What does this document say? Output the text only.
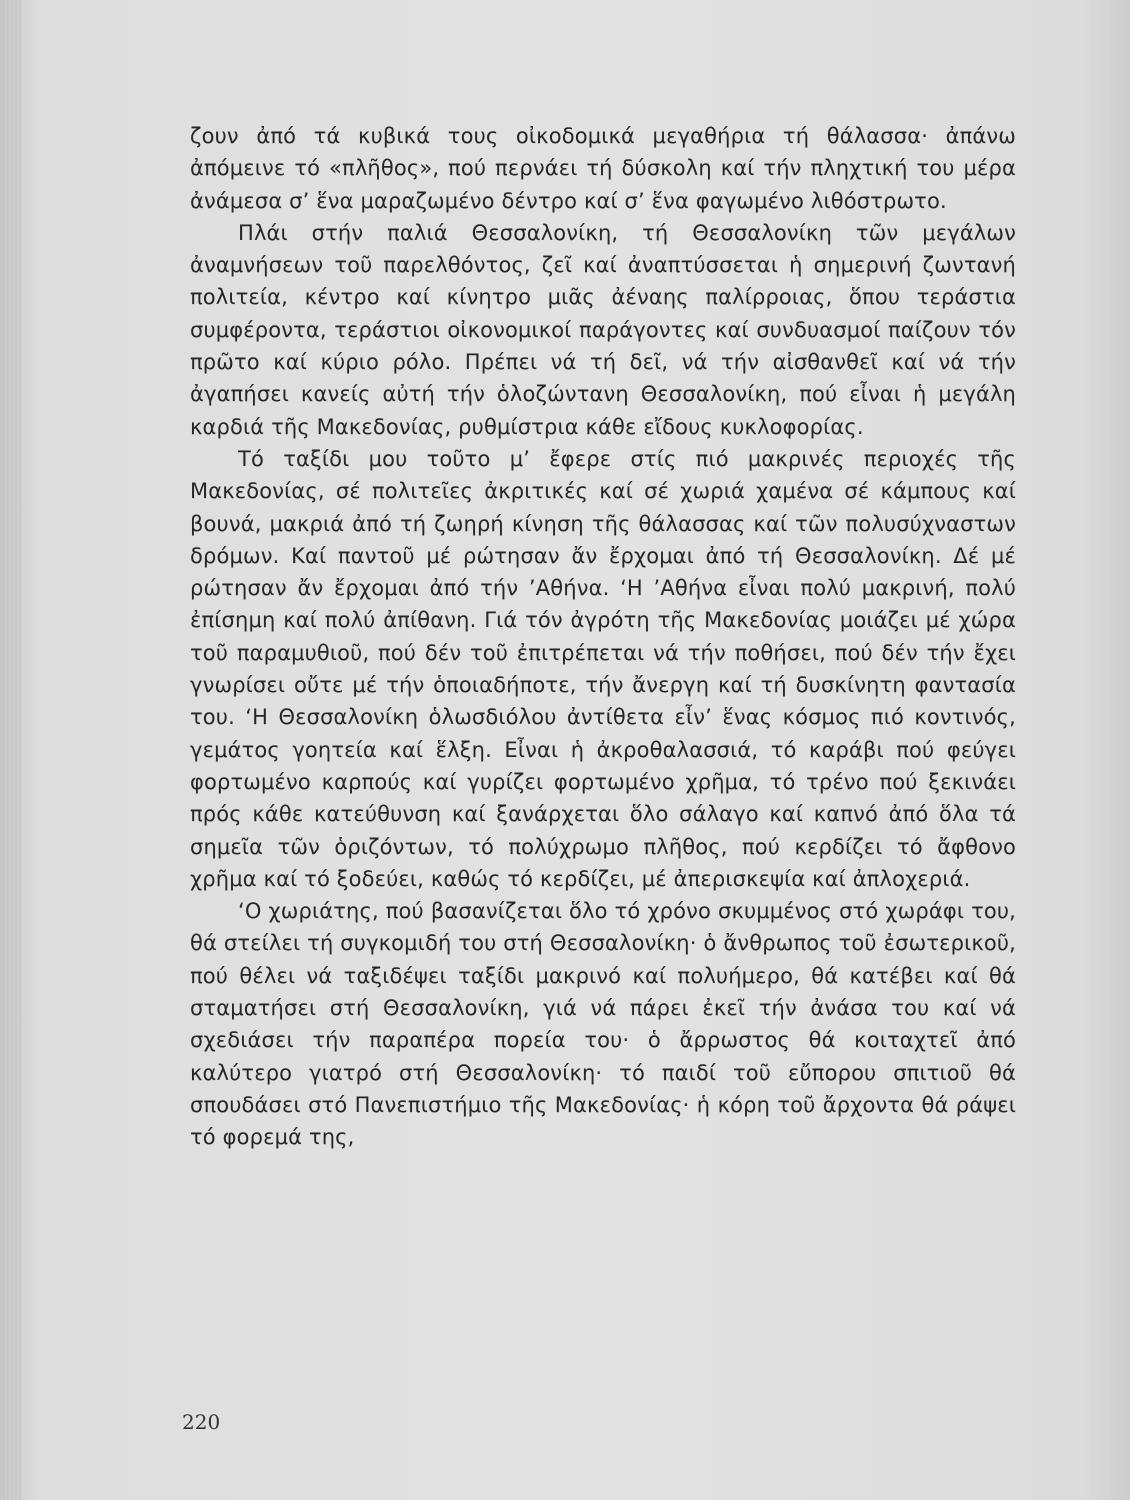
ζουν ἀπό τά κυβικά τους οἰκοδομικά μεγαθήρια τή θάλασσα· ἀπάνω ἀπόμεινε τό «πλῆθος», πού περνάει τή δύσκολη καί τήν πληχτική του μέρα ἀνάμεσα σ’ ἕνα μαραζωμένο δέντρο καί σ’ ἕνα φαγωμένο λιθόστρωτο.

Πλάι στήν παλιά Θεσσαλονίκη, τή Θεσσαλονίκη τῶν μεγάλων ἀναμνήσεων τοῦ παρελθόντος, ζεῖ καί ἀναπτύσσεται ἡ σημερινή ζωντανή πολιτεία, κέντρο καί κίνητρο μιᾶς ἀέναης παλίρροιας, ὅπου τεράστια συμφέροντα, τεράστιοι οἰκονομικοί παράγοντες καί συνδυασμοί παίζουν τόν πρῶτο καί κύριο ρόλο. Πρέπει νά τή δεῖ, νά τήν αἰσθανθεῖ καί νά τήν ἀγαπήσει κανείς αὐτή τήν ὁλοζώντανη Θεσσαλονίκη, πού εἶναι ἡ μεγάλη καρδιά τῆς Μακεδονίας, ρυθμίστρια κάθε εἴδους κυκλοφορίας.

Τό ταξίδι μου τοῦτο μ’ ἔφερε στίς πιό μακρινές περιοχές τῆς Μακεδονίας, σέ πολιτεῖες ἀκριτικές καί σέ χωριά χαμένα σέ κάμπους καί βουνά, μακριά ἀπό τή ζωηρή κίνηση τῆς θάλασσας καί τῶν πολυσύχναστων δρόμων. Καί παντοῦ μέ ρώτησαν ἄν ἔρχομαι ἀπό τή Θεσσαλονίκη. Δέ μέ ρώτησαν ἄν ἔρχομαι ἀπό τήν ’Αθήνα. ‘Η ’Αθήνα εἶναι πολύ μακρινή, πολύ ἐπίσημη καί πολύ ἀπίθανη. Γιά τόν ἀγρότη τῆς Μακεδονίας μοιάζει μέ χώρα τοῦ παραμυθιοῦ, πού δέν τοῦ ἐπιτρέπεται νά τήν ποθήσει, πού δέν τήν ἔχει γνωρίσει οὔτε μέ τήν ὁποιαδήποτε, τήν ἄνεργη καί τή δυσκίνητη φαντασία του. ‘Η Θεσσαλονίκη ὁλωσδιόλου ἀντίθετα εἶν’ ἕνας κόσμος πιό κοντινός, γεμάτος γοητεία καί ἕλξη. Εἶναι ἡ ἀκροθαλασσιά, τό καράβι πού φεύγει φορτωμένο καρπούς καί γυρίζει φορτωμένο χρῆμα, τό τρένο πού ξεκινάει πρός κάθε κατεύθυνση καί ξανάρχεται ὅλο σάλαγο καί καπνό ἀπό ὅλα τά σημεῖα τῶν ὁριζόντων, τό πολύχρωμο πλῆθος, πού κερδίζει τό ἄφθονο χρῆμα καί τό ξοδεύει, καθώς τό κερδίζει, μέ ἀπερισκεψία καί ἀπλοχεριά.

‘Ο χωριάτης, πού βασανίζεται ὅλο τό χρόνο σκυμμένος στό χωράφι του, θά στείλει τή συγκομιδή του στή Θεσσαλονίκη· ὁ ἄνθρωπος τοῦ ἐσωτερικοῦ, πού θέλει νά ταξιδέψει ταξίδι μακρινό καί πολυήμερο, θά κατέβει καί θά σταματήσει στή Θεσσαλονίκη, γιά νά πάρει ἐκεῖ τήν ἀνάσα του καί νά σχεδιάσει τήν παραπέρα πορεία του· ὁ ἄρρωστος θά κοιταχτεῖ ἀπό καλύτερο γιατρό στή Θεσσαλονίκη· τό παιδί τοῦ εὔπορου σπιτιοῦ θά σπουδάσει στό Πανεπιστήμιο τῆς Μακεδονίας· ἡ κόρη τοῦ ἄρχοντα θά ράψει τό φορεμά της,

220
